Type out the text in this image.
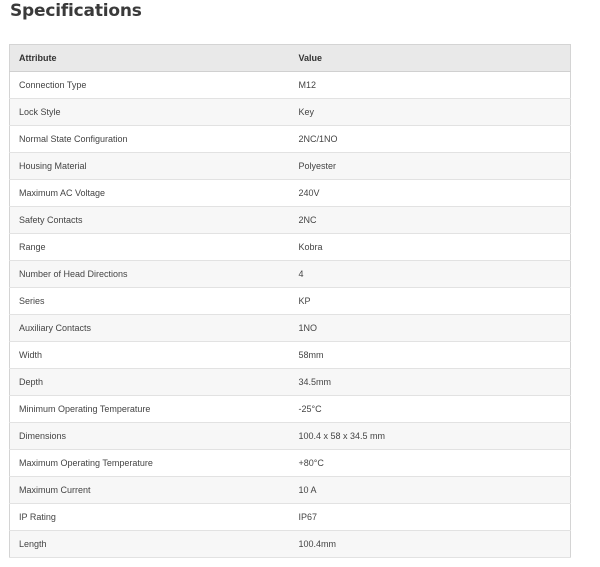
Specifications
Attribute	Value
Connection Type	M12
Lock Style	Key
Normal State Configuration	2NC/1NO
Housing Material	Polyester
Maximum AC Voltage	240V
Safety Contacts	2NC
Range	Kobra
Number of Head Directions	4
Series	KP
Auxiliary Contacts	1NO
Width	58mm
Depth	34.5mm
Minimum Operating Temperature	-25°C
Dimensions	100.4 x 58 x 34.5 mm
Maximum Operating Temperature	+80°C
Maximum Current	10 A
IP Rating	IP67
Length	100.4mm
